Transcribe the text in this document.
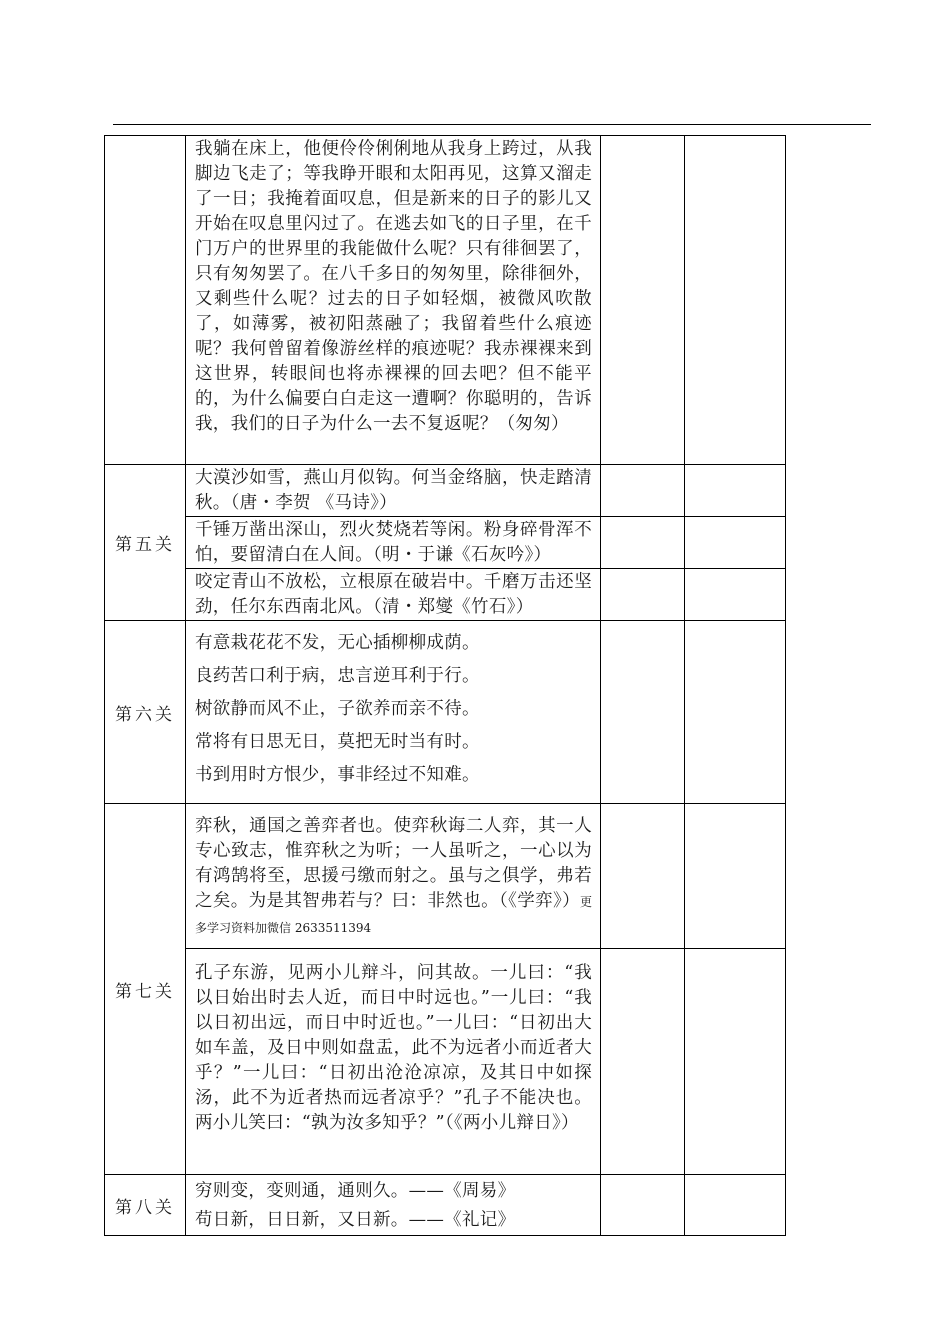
	我躺在床上，他便伶伶俐俐地从我身上跨过，从我脚边飞走了；等我睁开眼和太阳再见，这算又溜走了一日；我掩着面叹息，但是新来的日子的影儿又开始在叹息里闪过了。在逃去如飞的日子里，在千门万户的世界里的我能做什么呢？只有徘徊罢了，只有匆匆罢了。在八千多日的匆匆里，除徘徊外，又剩些什么呢？过去的日子如轻烟，被微风吹散了，如薄雾，被初阳蒸融了；我留着些什么痕迹呢？我何曾留着像游丝样的痕迹呢？我赤裸裸来到这世界，转眼间也将赤裸裸的回去吧？但不能平的，为什么偏要白白走这一遭啊？你聪明的，告诉我，我们的日子为什么一去不复返呢？（匆匆）		
第五关	大漠沙如雪，燕山月似钩。何当金络脑，快走踏清秋。（唐・李贺 《马诗》）		
	千锤万凿出深山，烈火焚烧若等闲。粉身碎骨浑不怕，要留清白在人间。（明・于谦《石灰吟》）		
	咬定青山不放松，立根原在破岩中。千磨万击还坚劲，任尔东西南北风。（清・郑燮《竹石》）		
第六关	有意栽花花不发，无心插柳柳成荫。
良药苦口利于病，忠言逆耳利于行。
树欲静而风不止，子欲养而亲不待。
常将有日思无日，莫把无时当有时。
书到用时方恨少，事非经过不知难。		

第七关	弈秋，通国之善弈者也。使弈秋诲二人弈，其一人专心致志，惟弈秋之为听；一人虽听之，一心以为有鸿鹄将至，思援弓缴而射之。虽与之俱学，弗若之矣。为是其智弗若与？曰：非然也。（《学弈》）更多学习资料加微信 2633511394		
	孔子东游，见两小儿辩斗，问其故。一儿曰：“我以日始出时去人近，而日中时远也。”一儿曰：“我以日初出远，而日中时近也。”一儿曰：“日初出大如车盖，及日中则如盘盂，此不为远者小而近者大乎？”一儿曰：“日初出沧沧凉凉，及其日中如探汤，此不为近者热而远者凉乎？”孔子不能决也。两小儿笑曰：“孰为汝多知乎？”（《两小儿辩日》）		
第八关	穷则变，变则通，通则久。——《周易》
苟日新，日日新，又日新。——《礼记》		
